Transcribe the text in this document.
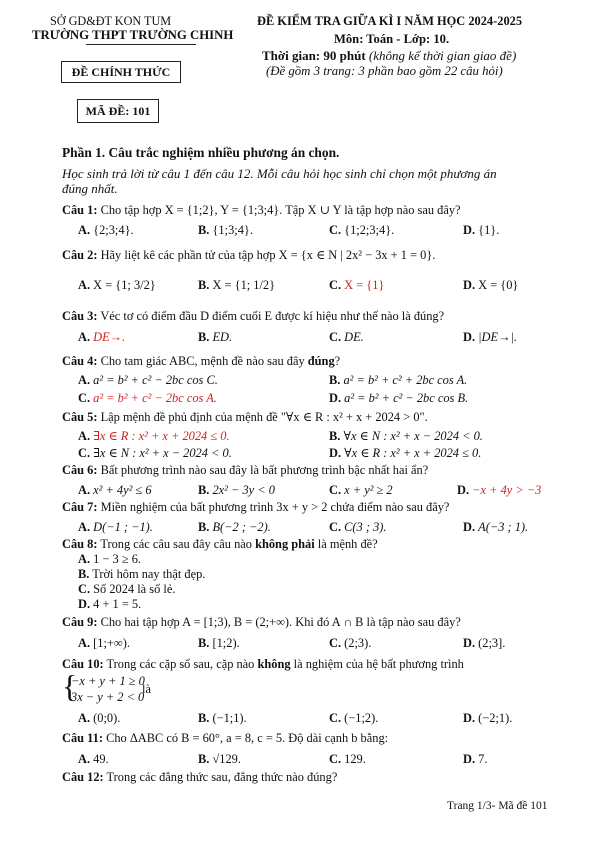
SỞ GD&ĐT KON TUM
TRƯỜNG THPT TRƯỜNG CHINH
ĐỀ CHÍNH THỨC
MÃ ĐỀ: 101
ĐỀ KIỂM TRA GIỮA KÌ I NĂM HỌC 2024-2025
Môn: Toán - Lớp: 10.
Thời gian: 90 phút (không kể thời gian giao đề)
(Đề gồm 3 trang: 3 phần bao gồm 22 câu hỏi)
Phần 1. Câu trắc nghiệm nhiều phương án chọn.
Học sinh trả lời từ câu 1 đến câu 12. Mỗi câu hỏi học sinh chỉ chọn một phương án
đúng nhất.
Câu 1: Cho tập hợp X = {1;2}, Y = {1;3;4}. Tập X ∪ Y là tập hợp nào sau đây?
A. {2;3;4}.	B. {1;3;4}.	C. {1;2;3;4}.	D. {1}.
Câu 2: Hãy liệt kê các phần tử của tập hợp X = {x ∈ N | 2x² − 3x + 1 = 0}.
A. X = {1; 3/2}	B. X = {1; 1/2}	C. X = {1}	D. X = {0}
Câu 3: Véc tơ có điểm đầu D điểm cuối E được kí hiệu như thế nào là đúng?
A. DE→.	B. ED.	C. DE.	D. |DE→|.
Câu 4: Cho tam giác ABC, mệnh đề nào sau đây đúng?
A. a² = b² + c² − 2bc cos C.	B. a² = b² + c² + 2bc cos A.
C. a² = b² + c² − 2bc cos A.	D. a² = b² + c² − 2bc cos B.
Câu 5: Lập mệnh đề phủ định của mệnh đề "∀x ∈ R : x² + x + 2024 > 0".
A. ∃x ∈ R : x² + x + 2024 ≤ 0.	B. ∀x ∈ N : x² + x − 2024 < 0.
C. ∃x ∈ N : x² + x − 2024 < 0.	D. ∀x ∈ R : x² + x + 2024 ≤ 0.
Câu 6: Bất phương trình nào sau đây là bất phương trình bậc nhất hai ẩn?
A. x² + 4y² ≤ 6	B. 2x² − 3y < 0	C. x + y² ≥ 2	D. −x + 4y > −3
Câu 7: Miền nghiệm của bất phương trình 3x + y > 2 chứa điểm nào sau đây?
A. D(−1 ; −1).	B. B(−2 ; −2).	C. C(3 ; 3).	D. A(−3 ; 1).
Câu 8: Trong các câu sau đây câu nào không phải là mệnh đề?
A. 1 − 3 ≥ 6.
B. Trời hôm nay thật đẹp.
C. Số 2024 là số lẻ.
D. 4 + 1 = 5.
Câu 9: Cho hai tập hợp A = [1;3), B = (2;+∞). Khi đó A ∩ B là tập nào sau đây?
A. [1;+∞).	B. [1;2).	C. (2;3).	D. (2;3].
Câu 10: Trong các cặp số sau, cặp nào không là nghiệm của hệ bất phương trình
{
−x + y + 1 ≥ 0
3x − y + 2 < 0
là
A. (0;0).	B. (−1;1).	C. (−1;2).	D. (−2;1).
Câu 11: Cho ΔABC có B = 60°, a = 8, c = 5. Độ dài cạnh b bằng:
A. 49.	B. √129.	C. 129.	D. 7.
Câu 12: Trong các đẳng thức sau, đẳng thức nào đúng?
Trang 1/3- Mã đề 101
